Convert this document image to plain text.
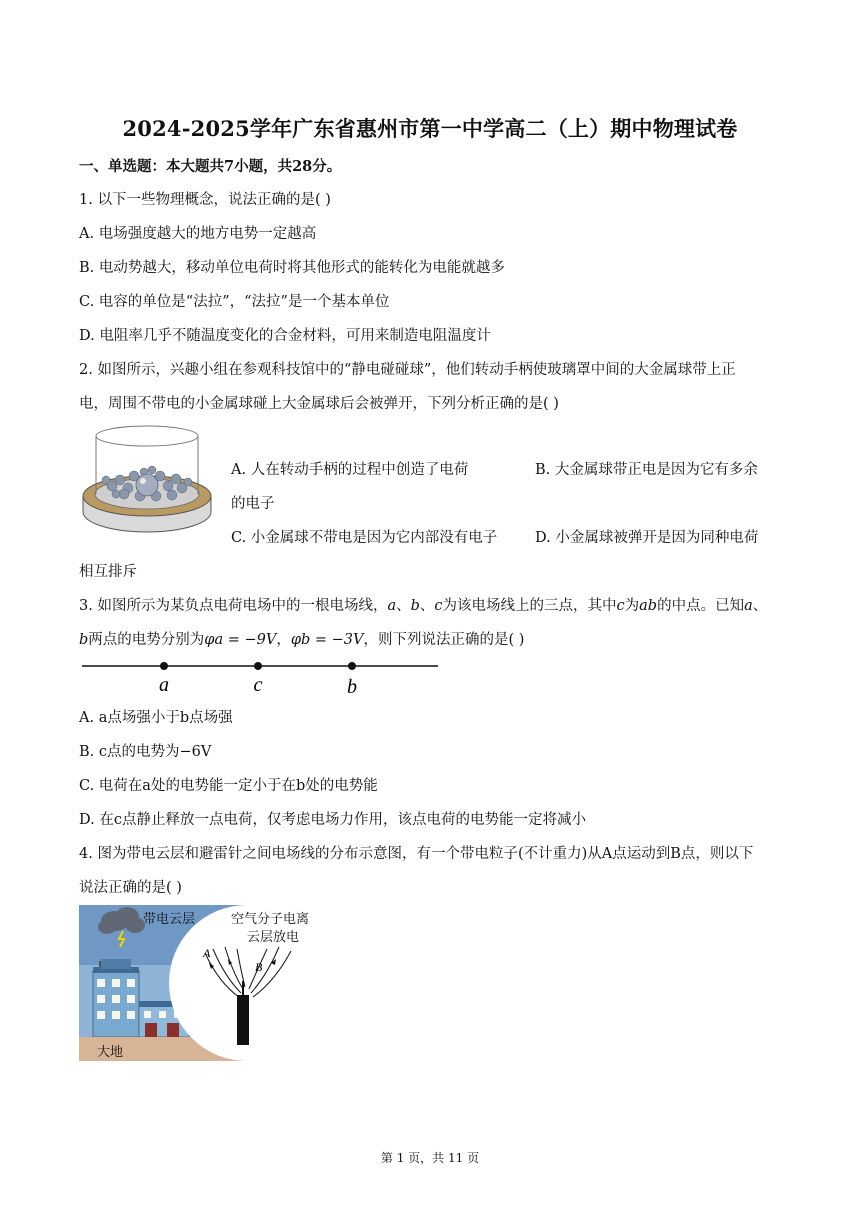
2024-2025学年广东省惠州市第一中学高二（上）期中物理试卷
一、单选题：本大题共7小题，共28分。
1. 以下一些物理概念，说法正确的是( )
A. 电场强度越大的地方电势一定越高
B. 电动势越大，移动单位电荷时将其他形式的能转化为电能就越多
C. 电容的单位是“法拉”，“法拉”是一个基本单位
D. 电阻率几乎不随温度变化的合金材料，可用来制造电阻温度计
2. 如图所示，兴趣小组在参观科技馆中的“静电碰碰球”，他们转动手柄使玻璃罩中间的大金属球带上正
电，周围不带电的小金属球碰上大金属球后会被弹开，下列分析正确的是( )
A. 人在转动手柄的过程中创造了电荷	B. 大金属球带正电是因为它有多余
的电子
C. 小金属球不带电是因为它内部没有电子	D. 小金属球被弹开是因为同种电荷
相互排斥
3. 如图所示为某负点电荷电场中的一根电场线，a、b、c为该电场线上的三点，其中c为ab的中点。已知a、
b两点的电势分别为φa = −9V，φb = −3V，则下列说法正确的是( )
a	c	b
A. a点场强小于b点场强
B. c点的电势为−6V
C. 电荷在a处的电势能一定小于在b处的电势能
D. 在c点静止释放一点电荷，仅考虑电场力作用，该点电荷的电势能一定将减小
4. 图为带电云层和避雷针之间电场线的分布示意图，有一个带电粒子(不计重力)从A点运动到B点，则以下
说法正确的是( )
带电云层
大地
空气分子电离
云层放电
A
B
第 1 页，共 11 页
